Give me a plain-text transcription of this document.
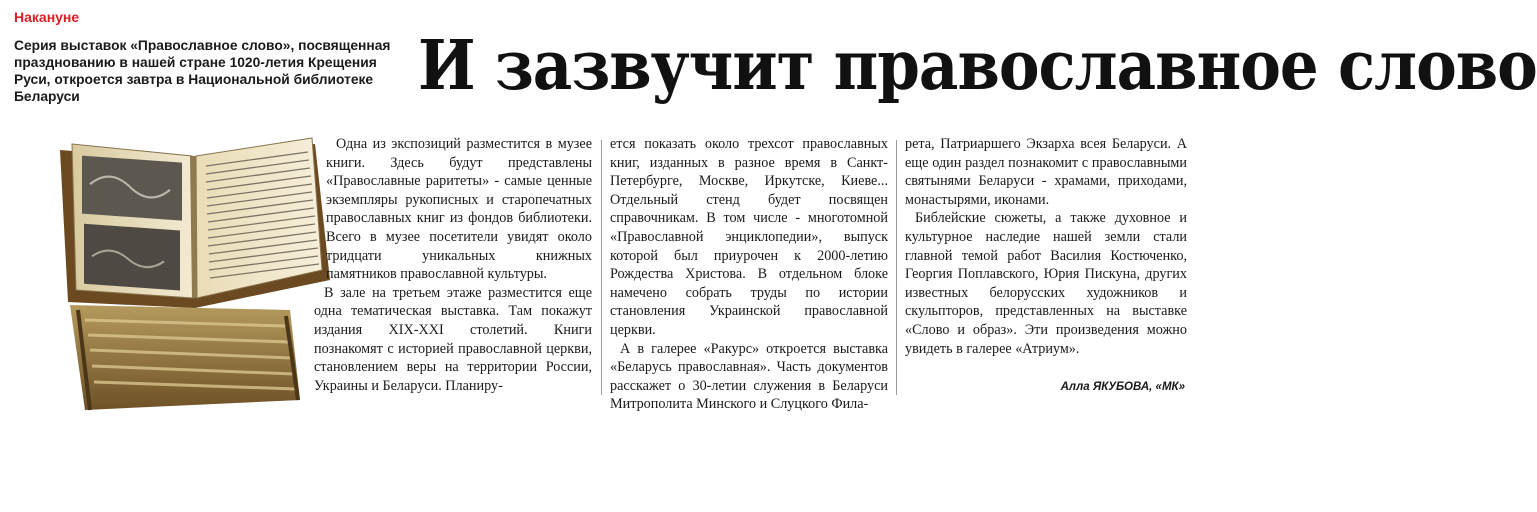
Накануне
Серия выставок «Православное слово», посвященная празднованию в нашей стране 1020-летия Крещения Руси, откроется завтра в Национальной библиотеке Беларуси	И зазвучит православное слово

Одна из экспозиций разместится в музее книги. Здесь будут представлены «Православные раритеты» - самые ценные экземпляры рукописных и старопечатных православных книг из фондов библиотеки. Всего в музее посетители увидят около тридцати уникальных книжных памятников православной культуры.

В зале на третьем этаже разместится еще одна тематическая выставка. Там покажут издания XIX-XXI столетий. Книги познакомят с историей православной церкви, становлением веры на территории России, Украины и Беларуси. Планиру-

ется показать около трехсот православных книг, изданных в разное время в Санкт-Петербурге, Москве, Иркутске, Киеве... Отдельный стенд будет посвящен справочникам. В том числе - многотомной «Православной энциклопедии», выпуск которой был приурочен к 2000-летию Рождества Христова. В отдельном блоке намечено собрать труды по истории становления Украинской православной церкви.

А в галерее «Ракурс» откроется выставка «Беларусь православная». Часть документов расскажет о 30-летии служения в Беларуси Митрополита Минского и Слуцкого Фила-

рета, Патриаршего Экзарха всея Беларуси. А еще один раздел познакомит с православными святынями Беларуси - храмами, приходами, монастырями, иконами.

Библейские сюжеты, а также духовное и культурное наследие нашей земли стали главной темой работ Василия Костюченко, Георгия Поплавского, Юрия Пискуна, других известных белорусских художников и скульпторов, представленных на выставке «Слово и образ». Эти произведения можно увидеть в галерее «Атриум».

Алла ЯКУБОВА, «МК»
